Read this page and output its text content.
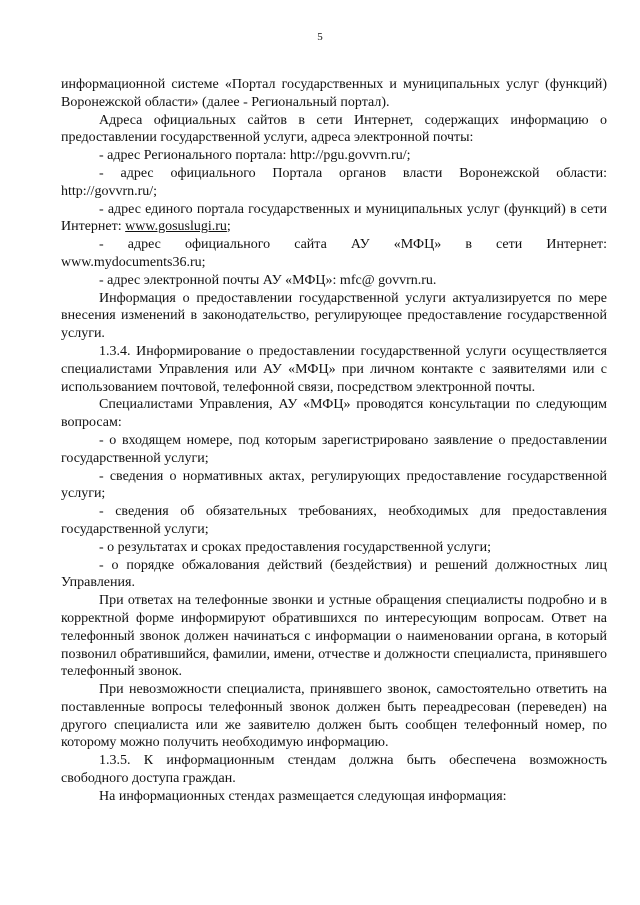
5

информационной системе «Портал государственных и муниципальных услуг (функций) Воронежской области» (далее - Региональный портал).

Адреса официальных сайтов в сети Интернет, содержащих информацию о предоставлении государственной услуги, адреса электронной почты:

- адрес Регионального портала: http://pgu.govvrn.ru/;

- адрес официального Портала органов власти Воронежской области:

http://govvrn.ru/;

- адрес единого портала государственных и муниципальных услуг (функций) в сети Интернет: www.gosuslugi.ru;

- адрес официального сайта АУ «МФЦ» в сети Интернет:

www.mydocuments36.ru;

- адрес электронной почты АУ «МФЦ»: mfc@ govvrn.ru.

Информация о предоставлении государственной услуги актуализируется по мере внесения изменений в законодательство, регулирующее предоставление государственной услуги.

1.3.4. Информирование о предоставлении государственной услуги осуществляется специалистами Управления или АУ «МФЦ» при личном контакте с заявителями или с использованием почтовой, телефонной связи, посредством электронной почты.

Специалистами Управления, АУ «МФЦ» проводятся консультации по следующим вопросам:

- о входящем номере, под которым зарегистрировано заявление о предоставлении государственной услуги;

- сведения о нормативных актах, регулирующих предоставление государственной услуги;

- сведения об обязательных требованиях, необходимых для предоставления государственной услуги;

- о результатах и сроках предоставления государственной услуги;

- о порядке обжалования действий (бездействия) и решений должностных лиц Управления.

При ответах на телефонные звонки и устные обращения специалисты подробно и в корректной форме информируют обратившихся по интересующим вопросам. Ответ на телефонный звонок должен начинаться с информации о наименовании органа, в который позвонил обратившийся, фамилии, имени, отчестве и должности специалиста, принявшего телефонный звонок.

При невозможности специалиста, принявшего звонок, самостоятельно ответить на поставленные вопросы телефонный звонок должен быть переадресован (переведен) на другого специалиста или же заявителю должен быть сообщен телефонный номер, по которому можно получить необходимую информацию.

1.3.5. К информационным стендам должна быть обеспечена возможность свободного доступа граждан.

На информационных стендах размещается следующая информация:
